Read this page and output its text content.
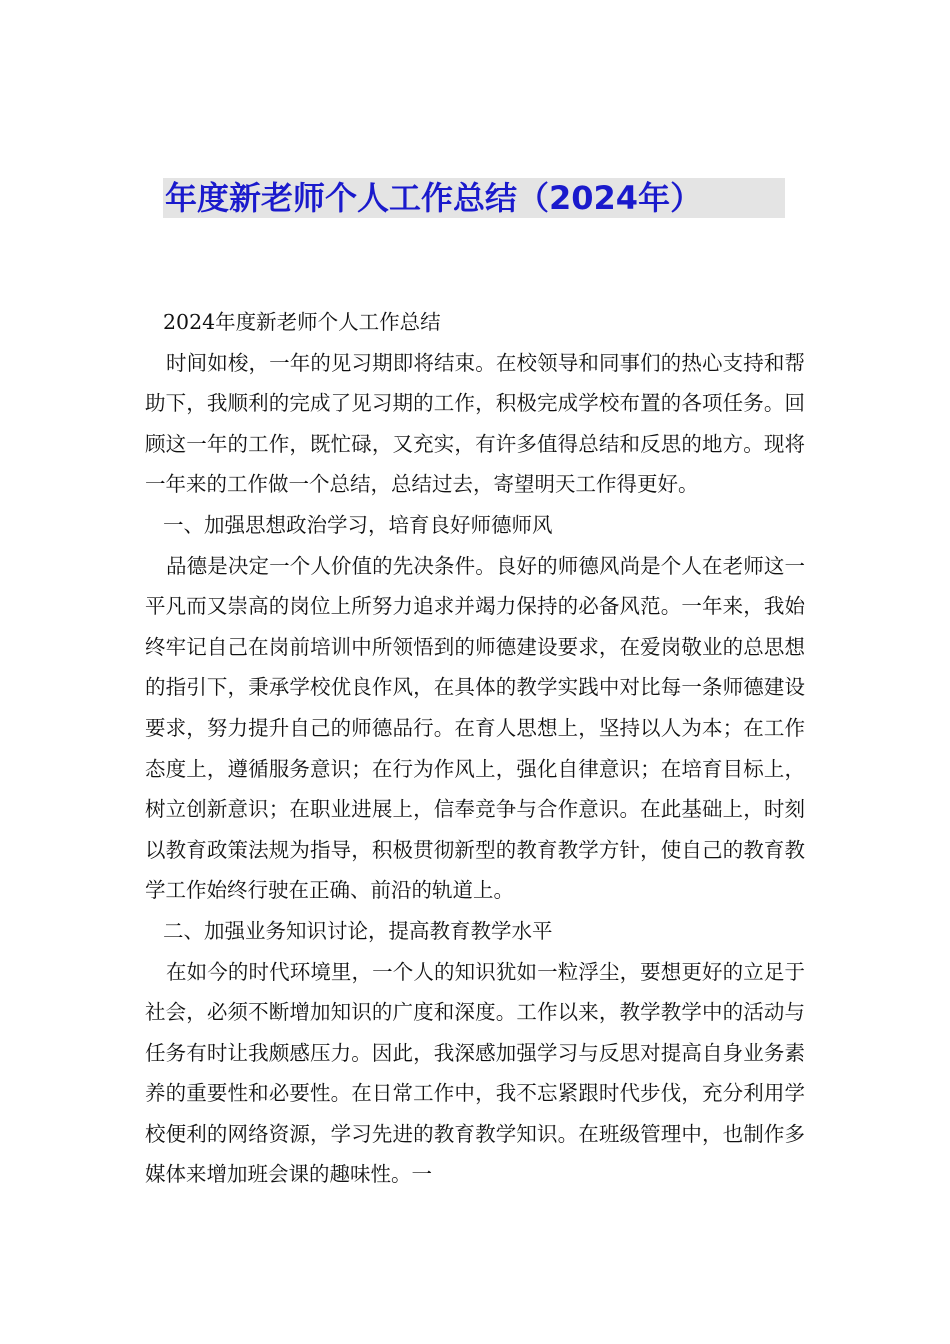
年度新老师个人工作总结（2024年）

2024年度新老师个人工作总结

时间如梭，一年的见习期即将结束。在校领导和同事们的热心支持和帮助下，我顺利的完成了见习期的工作，积极完成学校布置的各项任务。回顾这一年的工作，既忙碌，又充实，有许多值得总结和反思的地方。现将一年来的工作做一个总结，总结过去，寄望明天工作得更好。

一、加强思想政治学习，培育良好师德师风

品德是决定一个人价值的先决条件。良好的师德风尚是个人在老师这一平凡而又崇高的岗位上所努力追求并竭力保持的必备风范。一年来，我始终牢记自己在岗前培训中所领悟到的师德建设要求，在爱岗敬业的总思想的指引下，秉承学校优良作风，在具体的教学实践中对比每一条师德建设要求，努力提升自己的师德品行。在育人思想上，坚持以人为本；在工作态度上，遵循服务意识；在行为作风上，强化自律意识；在培育目标上，树立创新意识；在职业进展上，信奉竞争与合作意识。在此基础上，时刻以教育政策法规为指导，积极贯彻新型的教育教学方针，使自己的教育教学工作始终行驶在正确、前沿的轨道上。

二、加强业务知识讨论，提高教育教学水平

在如今的时代环境里，一个人的知识犹如一粒浮尘，要想更好的立足于社会，必须不断增加知识的广度和深度。工作以来，教学教学中的活动与任务有时让我颇感压力。因此，我深感加强学习与反思对提高自身业务素养的重要性和必要性。在日常工作中，我不忘紧跟时代步伐，充分利用学校便利的网络资源，学习先进的教育教学知识。在班级管理中，也制作多媒体来增加班会课的趣味性。一
